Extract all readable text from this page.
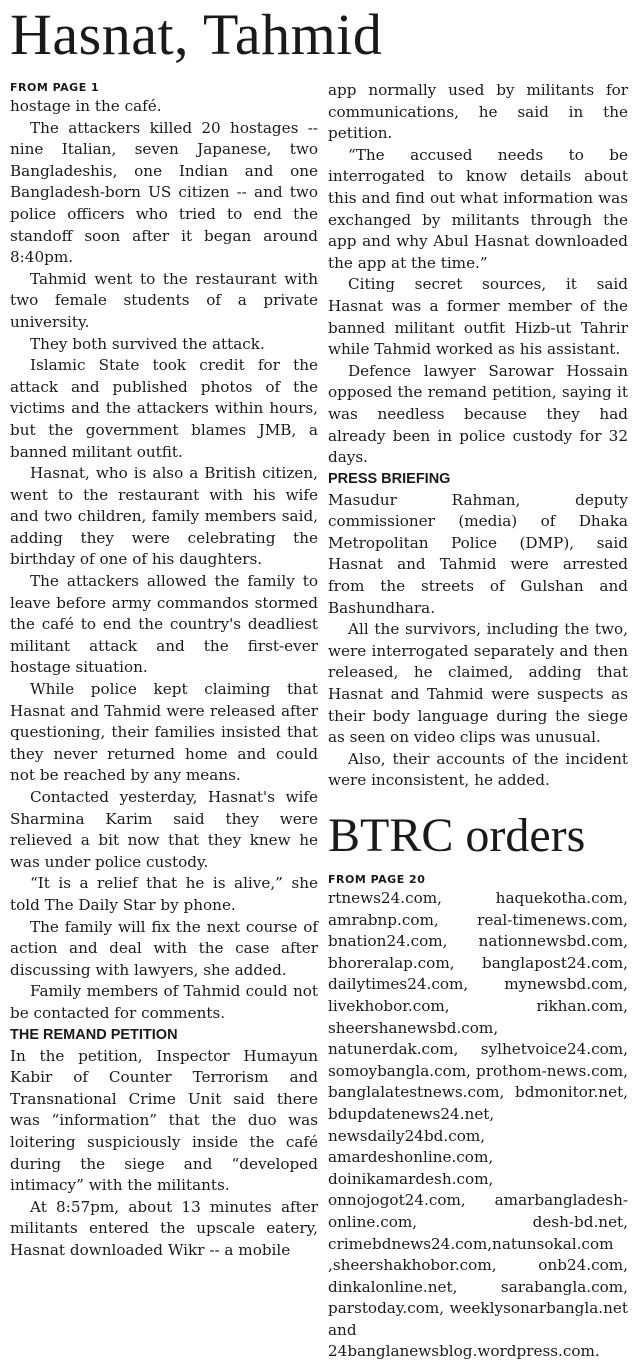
Hasnat, Tahmid
FROM PAGE 1

hostage in the café.

The attackers killed 20 hostages -- nine Italian, seven Japanese, two Bangladeshis, one Indian and one Bangladesh-born US citizen -- and two police officers who tried to end the standoff soon after it began around 8:40pm.

Tahmid went to the restaurant with two female students of a private university.

They both survived the attack.

Islamic State took credit for the attack and published photos of the victims and the attackers within hours, but the government blames JMB, a banned militant outfit.

Hasnat, who is also a British citizen, went to the restaurant with his wife and two children, family members said, adding they were celebrating the birthday of one of his daughters.

The attackers allowed the family to leave before army commandos stormed the café to end the country's deadliest militant attack and the first-ever hostage situation.

While police kept claiming that Hasnat and Tahmid were released after questioning, their families insisted that they never returned home and could not be reached by any means.

Contacted yesterday, Hasnat's wife Sharmina Karim said they were relieved a bit now that they knew he was under police custody.

“It is a relief that he is alive,” she told The Daily Star by phone.

The family will fix the next course of action and deal with the case after discussing with lawyers, she added.

Family members of Tahmid could not be contacted for comments.

THE REMAND PETITION

In the petition, Inspector Humayun Kabir of Counter Terrorism and Transnational Crime Unit said there was “information” that the duo was loitering suspiciously inside the café during the siege and “developed intimacy” with the militants.

At 8:57pm, about 13 minutes after militants entered the upscale eatery, Hasnat downloaded Wikr -- a mobile

app normally used by militants for communications, he said in the petition.

“The accused needs to be interrogated to know details about this and find out what information was exchanged by militants through the app and why Abul Hasnat downloaded the app at the time.”

Citing secret sources, it said Hasnat was a former member of the banned militant outfit Hizb-ut Tahrir while Tahmid worked as his assistant.

Defence lawyer Sarowar Hossain opposed the remand petition, saying it was needless because they had already been in police custody for 32 days.

PRESS BRIEFING

Masudur Rahman, deputy commissioner (media) of Dhaka Metropolitan Police (DMP), said Hasnat and Tahmid were arrested from the streets of Gulshan and Bashundhara.

All the survivors, including the two, were interrogated separately and then released, he claimed, adding that Hasnat and Tahmid were suspects as their body language during the siege as seen on video clips was unusual.

Also, their accounts of the incident were inconsistent, he added.

BTRC orders
FROM PAGE 20

rtnews24.com, haquekotha.com, amrabnp.com, real-timenews.com, bnation24.com, nationnewsbd.com, bhoreralap.com, banglapost24.com, dailytimes24.com, mynewsbd.com, livekhobor.com, rikhan.com, sheershanewsbd.com, natunerdak.com, sylhetvoice24.com, somoybangla.com, prothom-news.com, banglalatestnews.com, bdmonitor.net, bdupdatenews24.net, newsdaily24bd.com, amardeshonline.com, doinikamardesh.com, onnojogot24.com, amarbangladesh-online.com, desh-bd.net, crimebdnews24.com,natunsokal.com ,sheershakhobor.com, onb24.com, dinkalonline.net, sarabangla.com, parstoday.com, weeklysonarbangla.net and 24banglanewsblog.wordpress.com.
